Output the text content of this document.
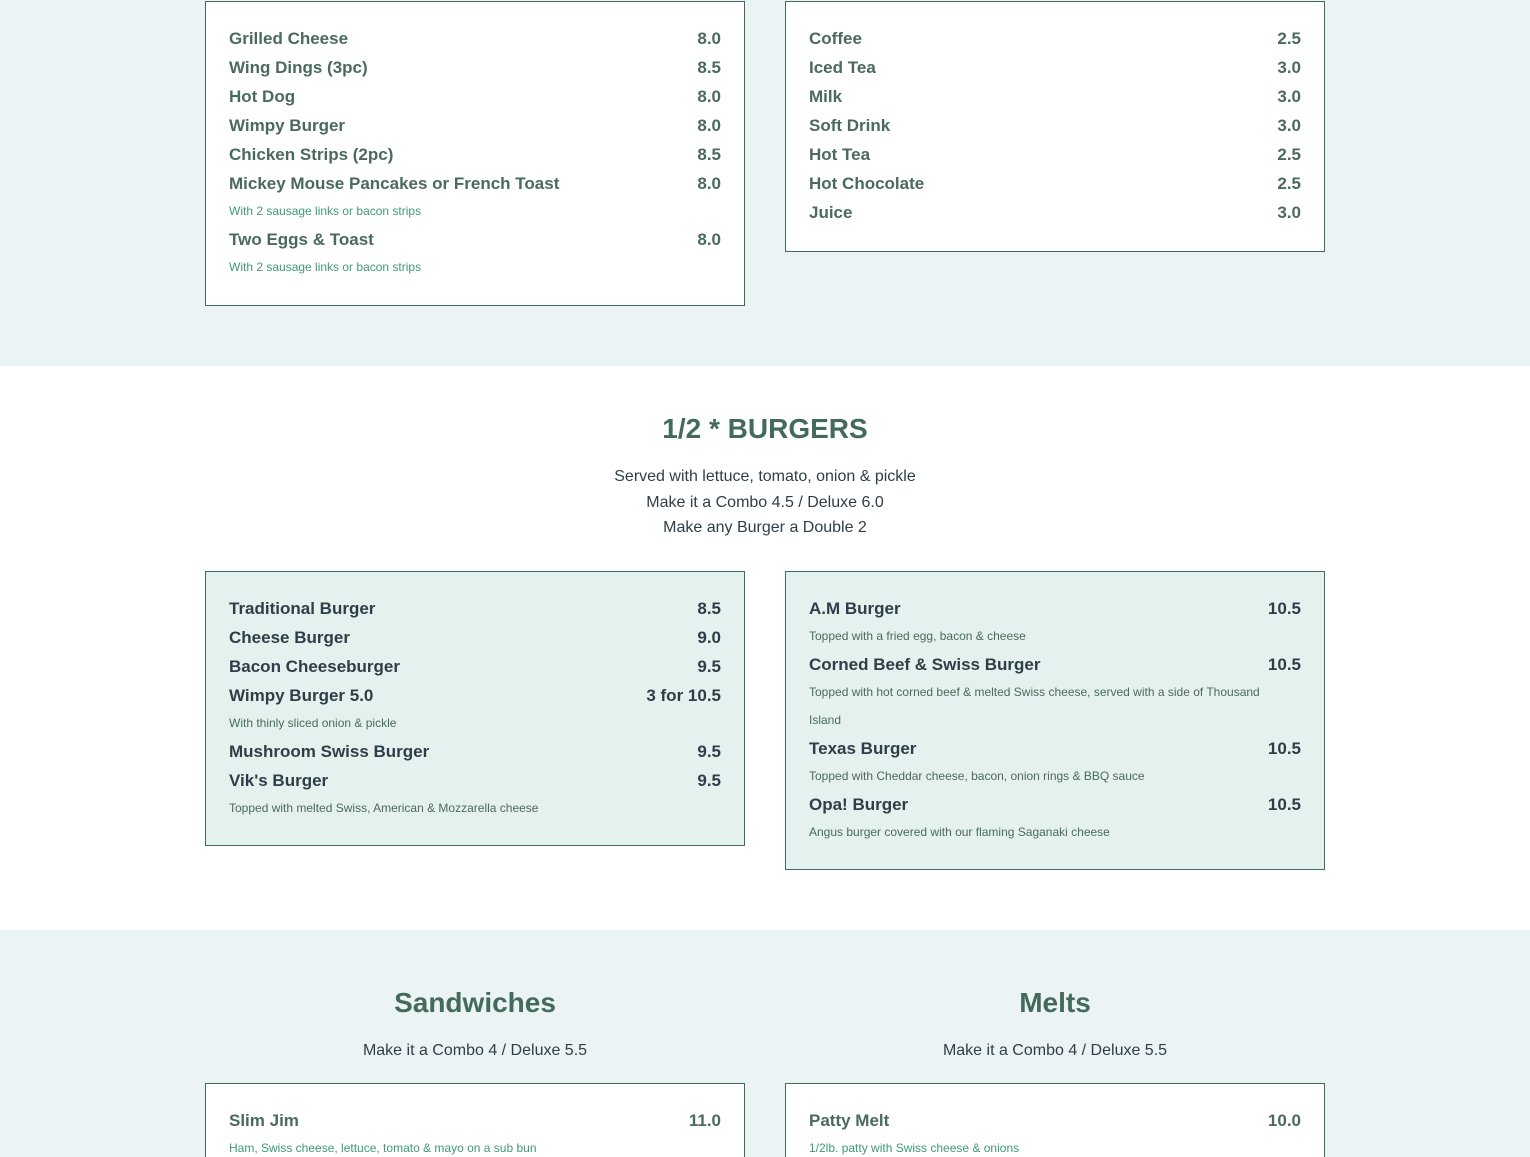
Grilled Cheese	8.0
Wing Dings (3pc)	8.5
Hot Dog	8.0
Wimpy Burger	8.0
Chicken Strips (2pc)	8.5
Mickey Mouse Pancakes or French Toast	8.0
With 2 sausage links or bacon strips
Two Eggs & Toast	8.0
With 2 sausage links or bacon strips
Coffee	2.5
Iced Tea	3.0
Milk	3.0
Soft Drink	3.0
Hot Tea	2.5
Hot Chocolate	2.5
Juice	3.0
1/2 * BURGERS
Served with lettuce, tomato, onion & pickle
Make it a Combo 4.5 / Deluxe 6.0
Make any Burger a Double 2
Traditional Burger	8.5
Cheese Burger	9.0
Bacon Cheeseburger	9.5
Wimpy Burger 5.0	3 for 10.5
With thinly sliced onion & pickle
Mushroom Swiss Burger	9.5
Vik's Burger	9.5
Topped with melted Swiss, American & Mozzarella cheese
A.M Burger	10.5
Topped with a fried egg, bacon & cheese
Corned Beef & Swiss Burger	10.5
Topped with hot corned beef & melted Swiss cheese, served with a side of Thousand Island
Texas Burger	10.5
Topped with Cheddar cheese, bacon, onion rings & BBQ sauce
Opa! Burger	10.5
Angus burger covered with our flaming Saganaki cheese
Sandwiches
Make it a Combo 4 / Deluxe 5.5
Slim Jim	11.0
Ham, Swiss cheese, lettuce, tomato & mayo on a sub bun
Melts
Make it a Combo 4 / Deluxe 5.5
Patty Melt	10.0
1/2lb. patty with Swiss cheese & onions
